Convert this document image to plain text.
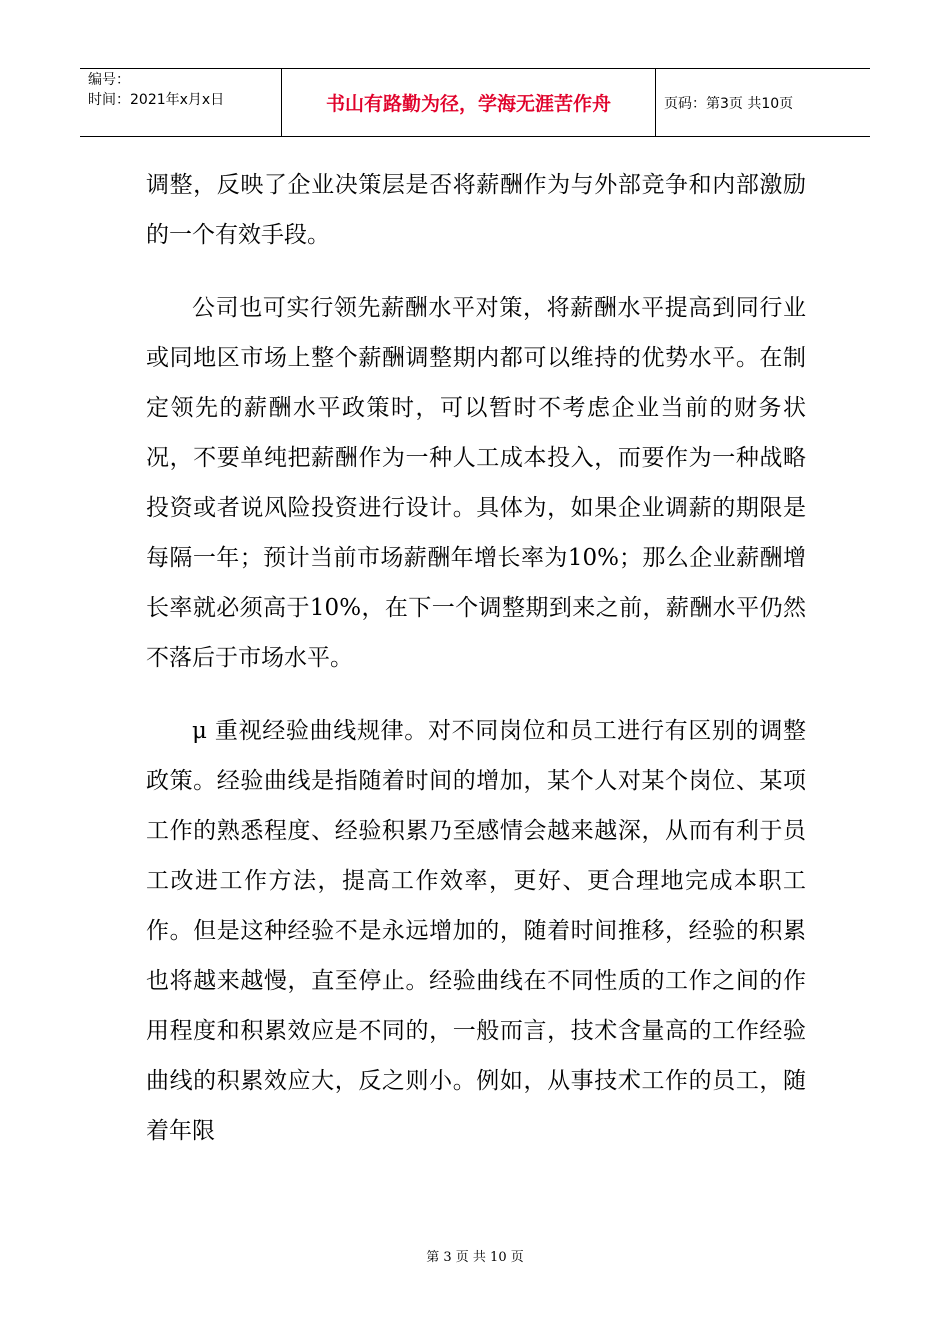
编号：
时间：2021年x月x日	书山有路勤为径，学海无涯苦作舟	页码：第3页 共10页

调整，反映了企业决策层是否将薪酬作为与外部竞争和内部激励的一个有效手段。

公司也可实行领先薪酬水平对策，将薪酬水平提高到同行业或同地区市场上整个薪酬调整期内都可以维持的优势水平。在制定领先的薪酬水平政策时，可以暂时不考虑企业当前的财务状况，不要单纯把薪酬作为一种人工成本投入，而要作为一种战略投资或者说风险投资进行设计。具体为，如果企业调薪的期限是每隔一年；预计当前市场薪酬年增长率为10%；那么企业薪酬增长率就必须高于10%，在下一个调整期到来之前，薪酬水平仍然不落后于市场水平。

μ 重视经验曲线规律。对不同岗位和员工进行有区别的调整政策。经验曲线是指随着时间的增加，某个人对某个岗位、某项工作的熟悉程度、经验积累乃至感情会越来越深，从而有利于员工改进工作方法，提高工作效率，更好、更合理地完成本职工作。但是这种经验不是永远增加的，随着时间推移，经验的积累也将越来越慢，直至停止。经验曲线在不同性质的工作之间的作用程度和积累效应是不同的，一般而言，技术含量高的工作经验曲线的积累效应大，反之则小。例如，从事技术工作的员工，随着年限

第 3 页 共 10 页
